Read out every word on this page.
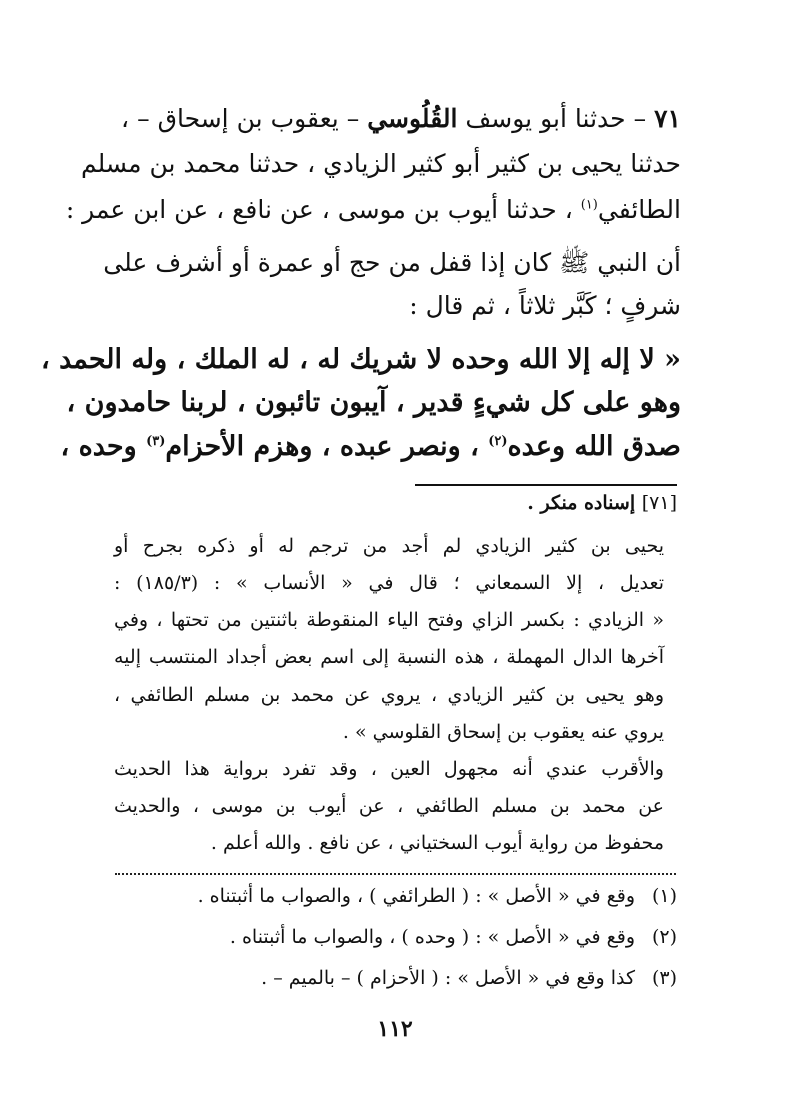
٧١ – حدثنا أبو يوسف القُلُوسي – يعقوب بن إسحاق – ،
حدثنا يحيى بن كثير أبو كثير الزيادي ، حدثنا محمد بن مسلم
الطائفي$^{(١)}$ ، حدثنا أيوب بن موسى ، عن نافع ، عن ابن عمر :
أن النبي ﷺ كان إذا قفل من حج أو عمرة أو أشرف على
شرفٍ ؛ كَبَّر ثلاثاً ، ثم قال :
« لا إله إلا الله وحده لا شريك له ، له الملك ، وله الحمد ،
وهو على كل شيءٍ قدير ، آيبون تائبون ، لربنا حامدون ،
صدق الله وعده$^{(٢)}$ ، ونصر عبده ، وهزم الأحزام$^{(٣)}$ وحده ،
[٧١] إسناده منكر .
يحيى بن كثير الزيادي لم أجد من ترجم له أو ذكره بجرح أو
تعديل ، إلا السمعاني ؛ قال في « الأنساب » : (١٨٥/٣) :
« الزيادي : بكسر الزاي وفتح الياء المنقوطة باثنتين من تحتها ، وفي
آخرها الدال المهملة ، هذه النسبة إلى اسم بعض أجداد المنتسب إليه
وهو يحيى بن كثير الزيادي ، يروي عن محمد بن مسلم الطائفي ،
يروي عنه يعقوب بن إسحاق القلوسي » .
والأقرب عندي أنه مجهول العين ، وقد تفرد برواية هذا الحديث
عن محمد بن مسلم الطائفي ، عن أيوب بن موسى ، والحديث
محفوظ من رواية أيوب السختياني ، عن نافع . والله أعلم .
(١)وقع في « الأصل » : ( الطرائفي ) ، والصواب ما أثبتناه .
(٢)وقع في « الأصل » : ( وحده ) ، والصواب ما أثبتناه .
(٣)كذا وقع في « الأصل » : ( الأحزام ) – بالميم – .
١١٢
